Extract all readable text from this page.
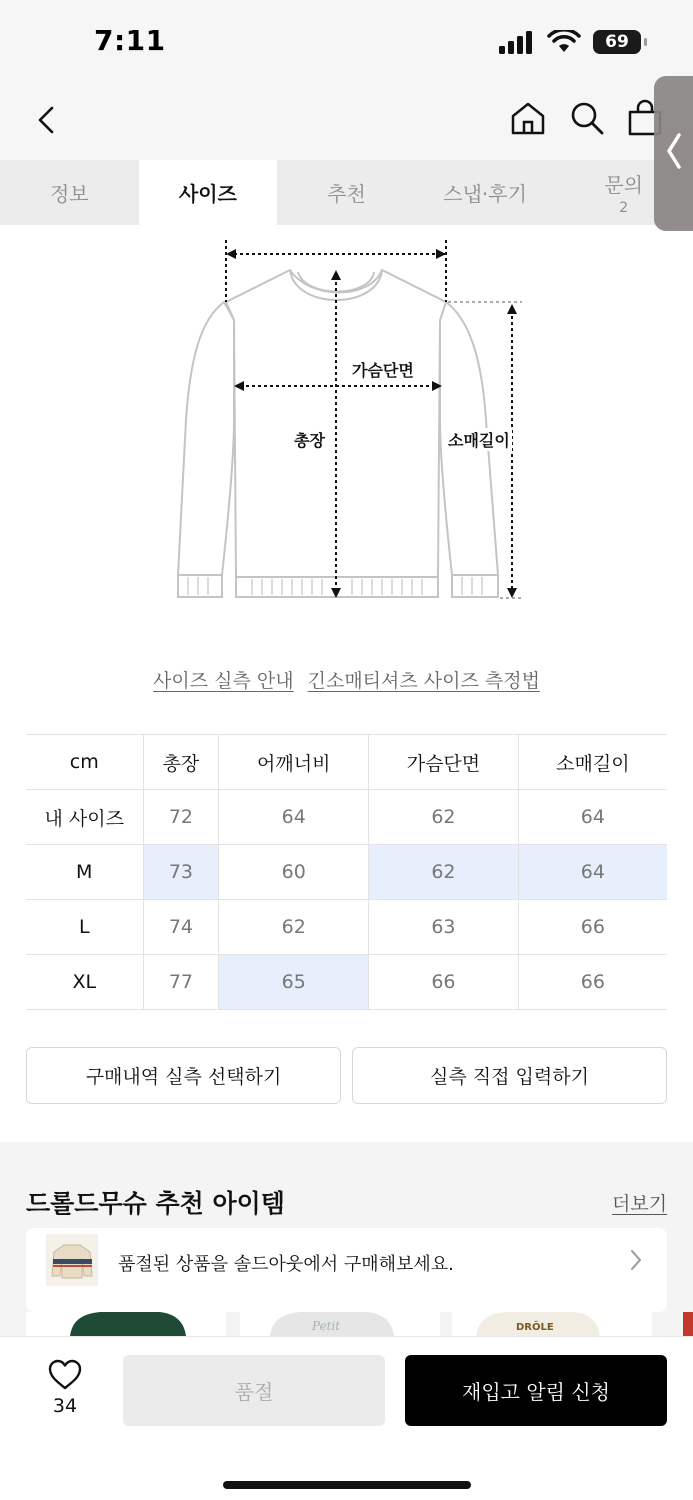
7:11	69
정보	사이즈	추천	스냅·후기	문의
2
가슴단면
총장	소매길이
사이즈 실측 안내 긴소매티셔츠 사이즈 측정법
cm	총장	어깨너비	가슴단면	소매길이
내 사이즈	72	64	62	64
M	73	60	62	64
L	74	62	63	66
XL	77	65	66	66
구매내역 실측 선택하기	실측 직접 입력하기
드롤드무슈 추천 아이템	더보기
품절된 상품을 솔드아웃에서 구매해보세요.
Petit	DRÔLE
34
품절	재입고 알림 신청
